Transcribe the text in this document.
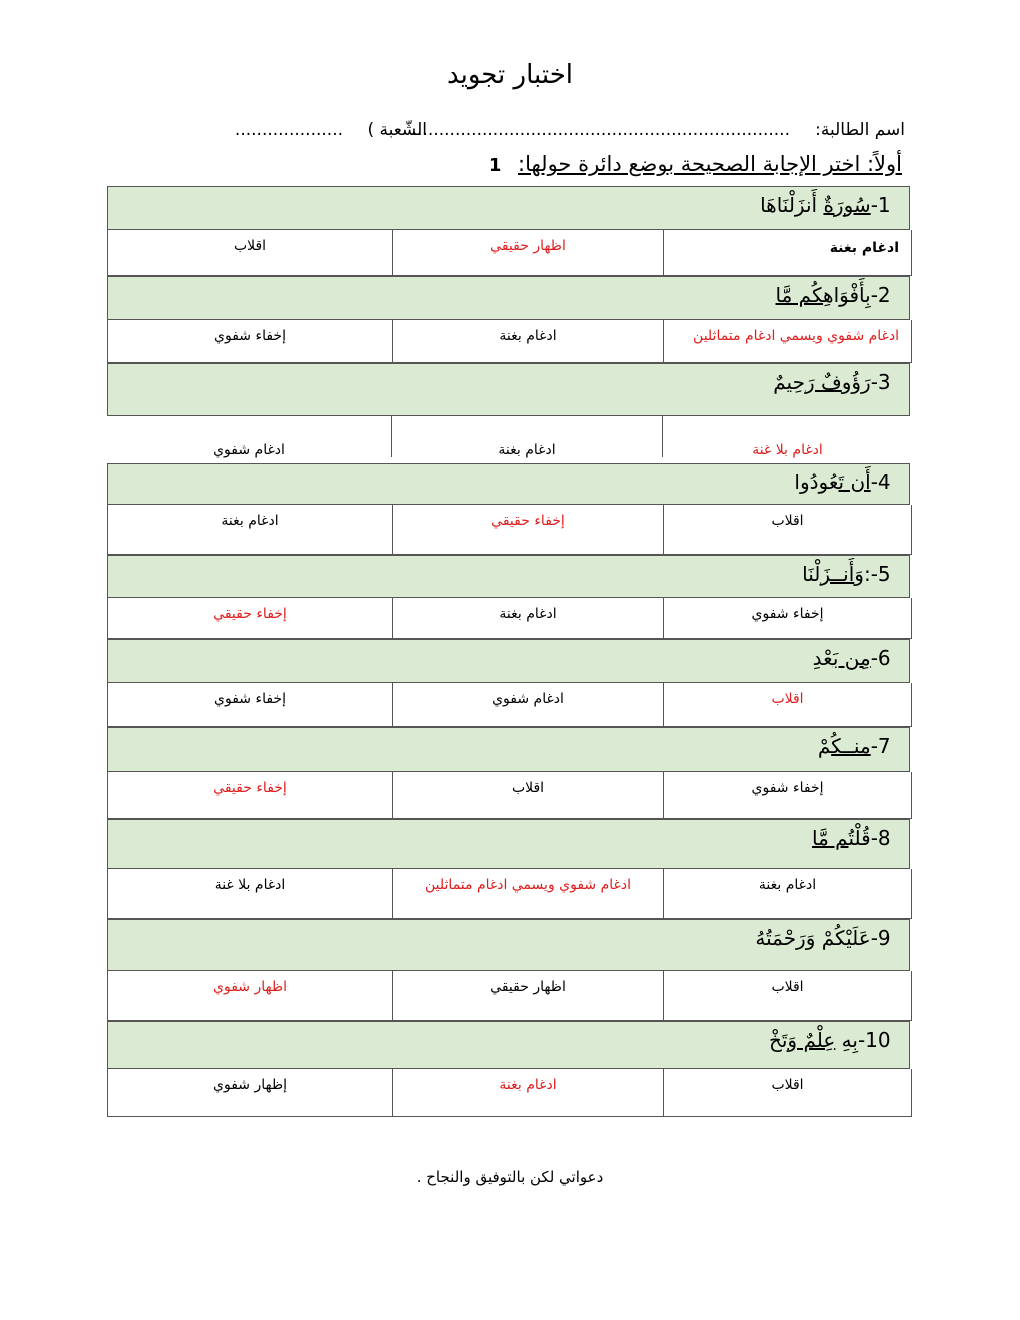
اختبار تجويد
اسم الطالبة:
......................................................................
الشّعبة )
....................
أولاً: اختر الإجابة الصحيحة بوضع دائرة حولها: 1
-1 سُورَةٌ أَنزَلْنَاهَا
ادغام بغنة
اظهار حقيقي
اقلاب
-2 بِأَفْوَاهِكُم مَّا
ادغام شفوي ويسمي ادغام متماثلين
ادغام بغنة
إخفاء شفوي
-3 رَؤُوفٌ رَحِيمٌ
ادغام بلا غنة
ادغام بغنة
ادغام شفوي
-4 أَن تَعُودُوا
اقلاب
إخفاء حقيقي
ادغام بغنة
:-5 وَأَنــزَلْنَا
إخفاء شفوي
ادغام بغنة
إخفاء حقيقي
-6 مِن بَعْدِ
اقلاب
ادغام شفوي
إخفاء شفوي
-7 منــكُمْ
إخفاء شفوي
اقلاب
إخفاء حقيقي
-8 قُلْتُم مَّا
ادغام بغنة
ادغام شفوي ويسمي ادغام متماثلين
ادغام بلا غنة
-9 عَلَيْكُمْ وَرَحْمَتُهُ
اقلاب
اظهار حقيقي
اظهار شفوي
-10 بِهِ عِلْمٌ وَتَخْ
اقلاب
ادغام بغنة
إظهار شفوي
دعواتي لكن بالتوفيق والنجاح .
